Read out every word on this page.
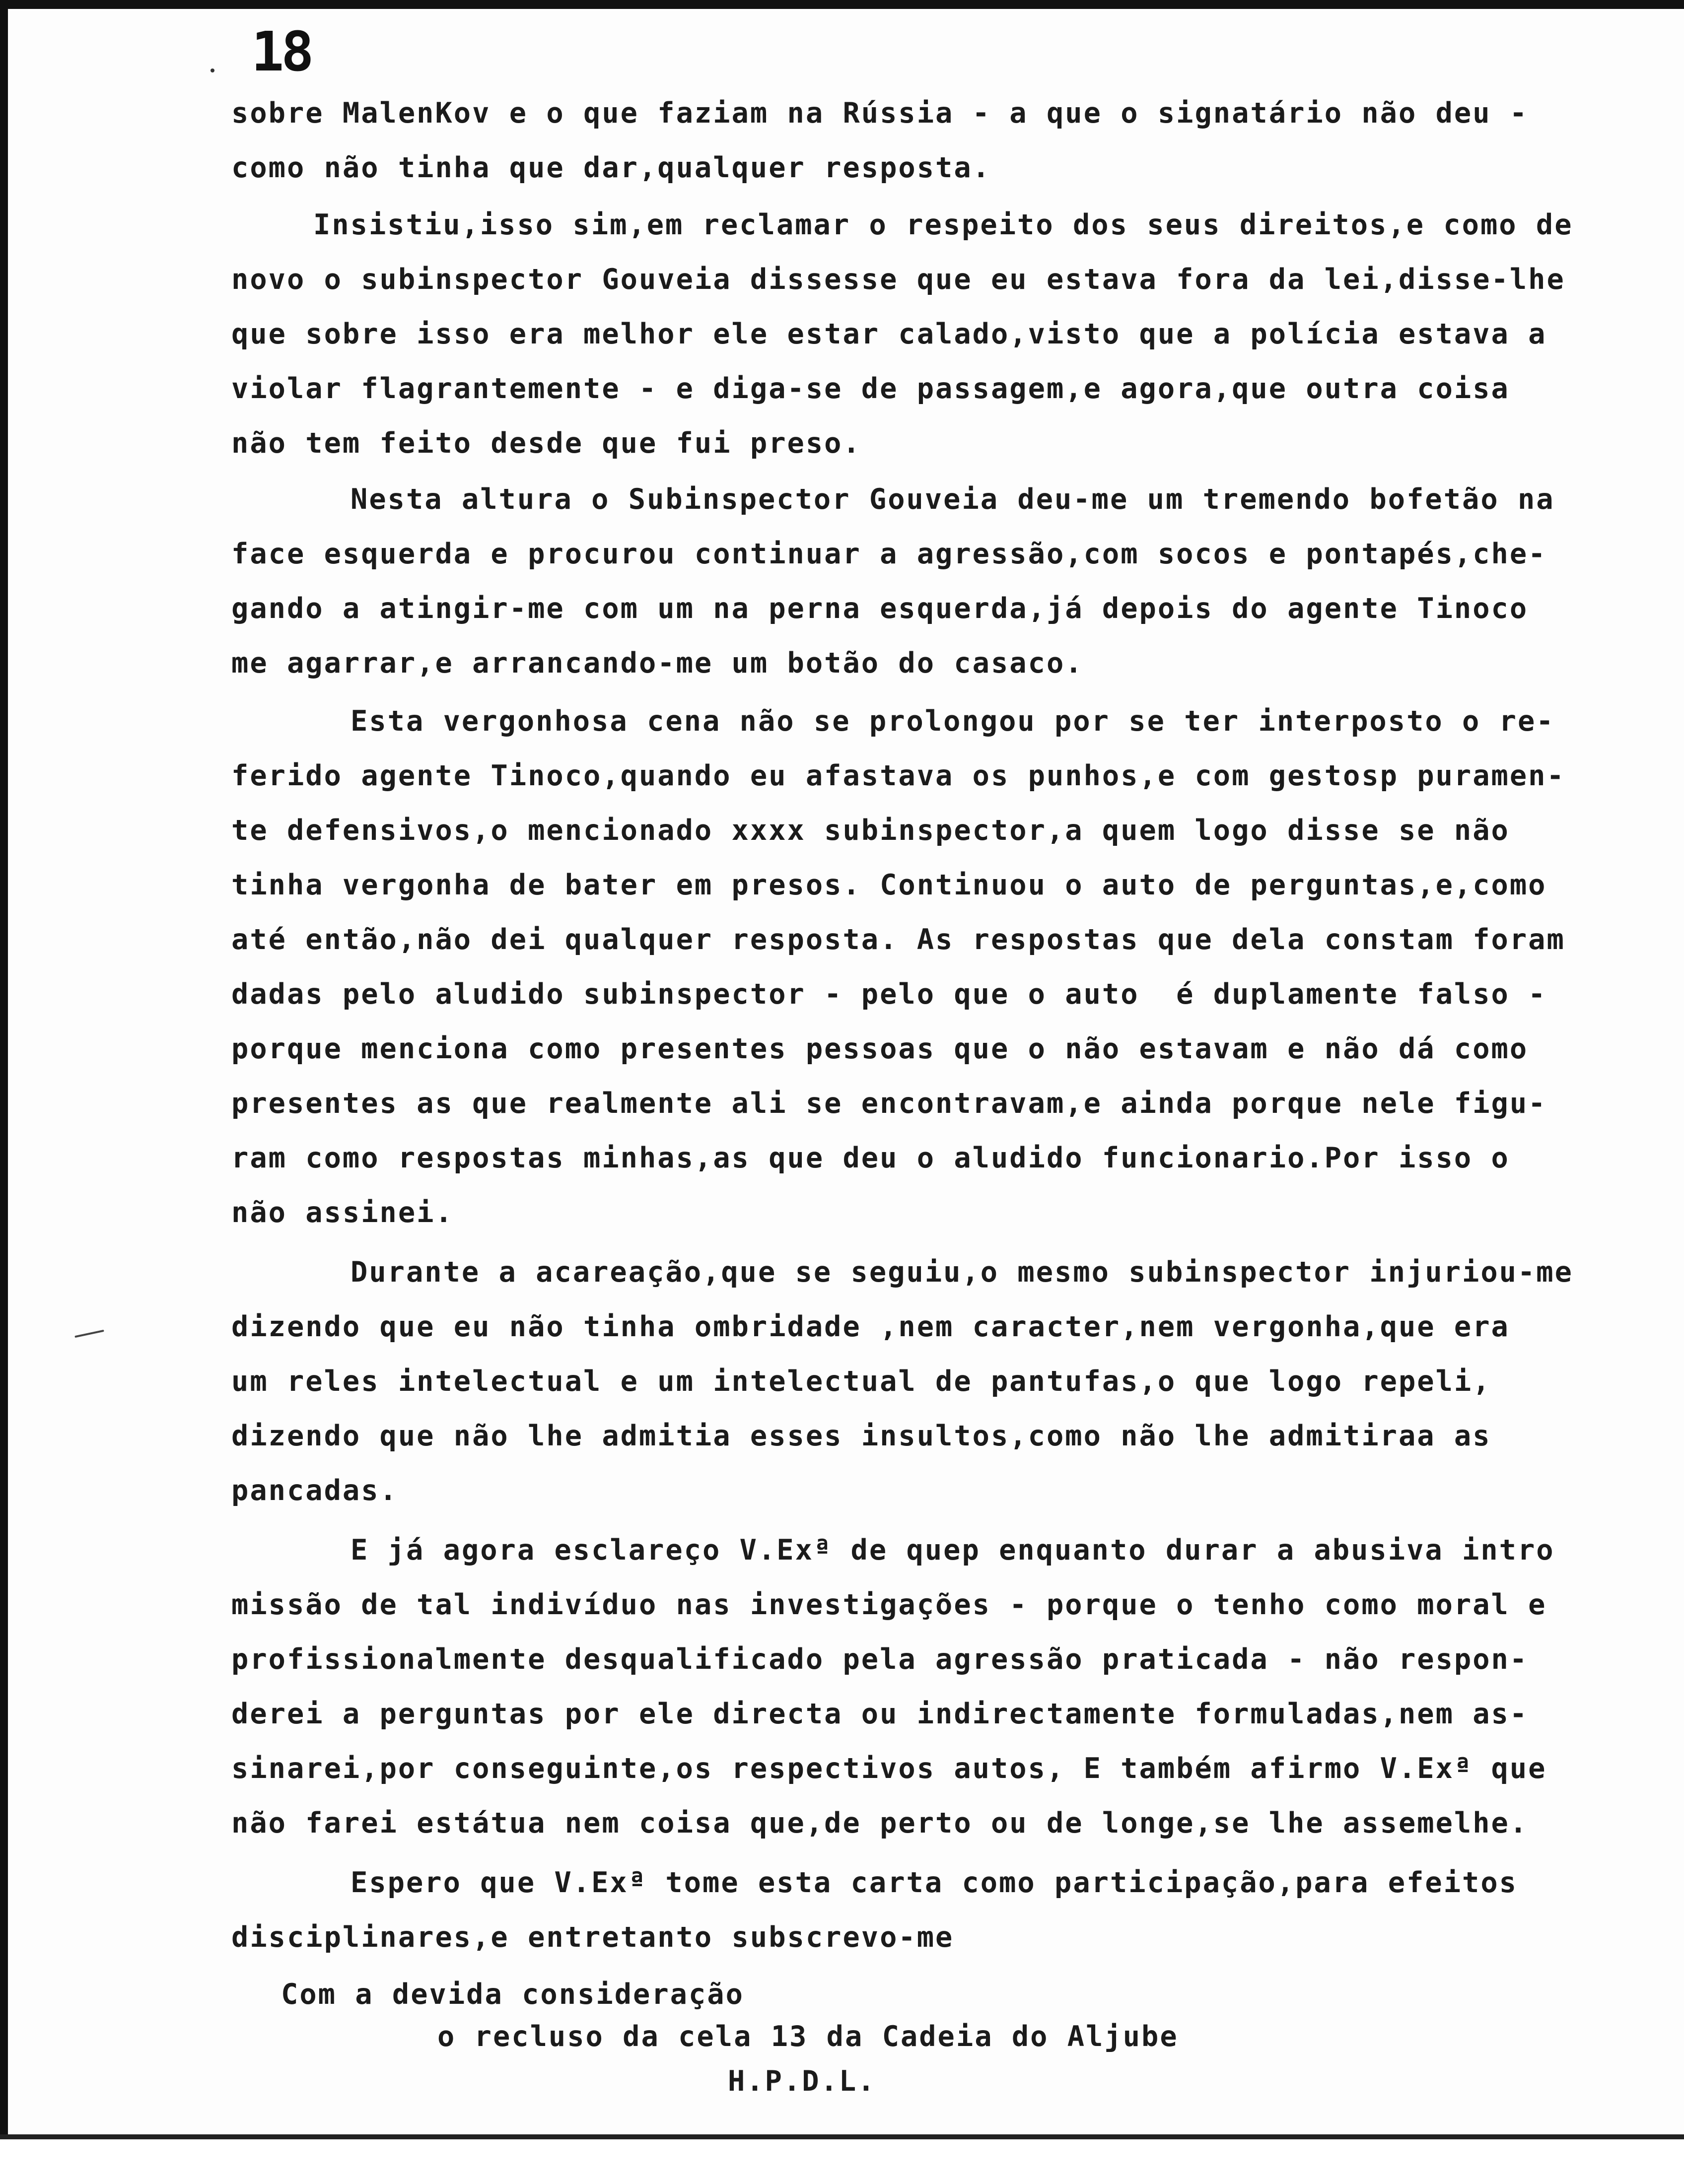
18
sobre MalenKov e o que faziam na Rússia - a que o signatário não deu -
como não tinha que dar,qualquer resposta.
Insistiu,isso sim,em reclamar o respeito dos seus direitos,e como de
novo o subinspector Gouveia dissesse que eu estava fora da lei,disse-lhe
que sobre isso era melhor ele estar calado,visto que a polícia estava a
violar flagrantemente - e diga-se de passagem,e agora,que outra coisa
não tem feito desde que fui preso.
Nesta altura o Subinspector Gouveia deu-me um tremendo bofetão na
face esquerda e procurou continuar a agressão,com socos e pontapés,che-
gando a atingir-me com um na perna esquerda,já depois do agente Tinoco
me agarrar,e arrancando-me um botão do casaco.
Esta vergonhosa cena não se prolongou por se ter interposto o re-
ferido agente Tinoco,quando eu afastava os punhos,e com gestosp puramen-
te defensivos,o mencionado xxxx subinspector,a quem logo disse se não
tinha vergonha de bater em presos. Continuou o auto de perguntas,e,como
até então,não dei qualquer resposta. As respostas que dela constam foram
dadas pelo aludido subinspector - pelo que o auto  é duplamente falso -
porque menciona como presentes pessoas que o não estavam e não dá como
presentes as que realmente ali se encontravam,e ainda porque nele figu-
ram como respostas minhas,as que deu o aludido funcionario.Por isso o
não assinei.
Durante a acareação,que se seguiu,o mesmo subinspector injuriou-me
dizendo que eu não tinha ombridade ,nem caracter,nem vergonha,que era
um reles intelectual e um intelectual de pantufas,o que logo repeli,
dizendo que não lhe admitia esses insultos,como não lhe admitiraa as
pancadas.
E já agora esclareço V.Exª de quep enquanto durar a abusiva intro
missão de tal indivíduo nas investigações - porque o tenho como moral e
profissionalmente desqualificado pela agressão praticada - não respon-
derei a perguntas por ele directa ou indirectamente formuladas,nem as-
sinarei,por conseguinte,os respectivos autos, E também afirmo V.Exª que
não farei estátua nem coisa que,de perto ou de longe,se lhe assemelhe.
Espero que V.Exª tome esta carta como participação,para efeitos
disciplinares,e entretanto subscrevo-me
Com a devida consideração
o recluso da cela 13 da Cadeia do Aljube
H.P.D.L.
